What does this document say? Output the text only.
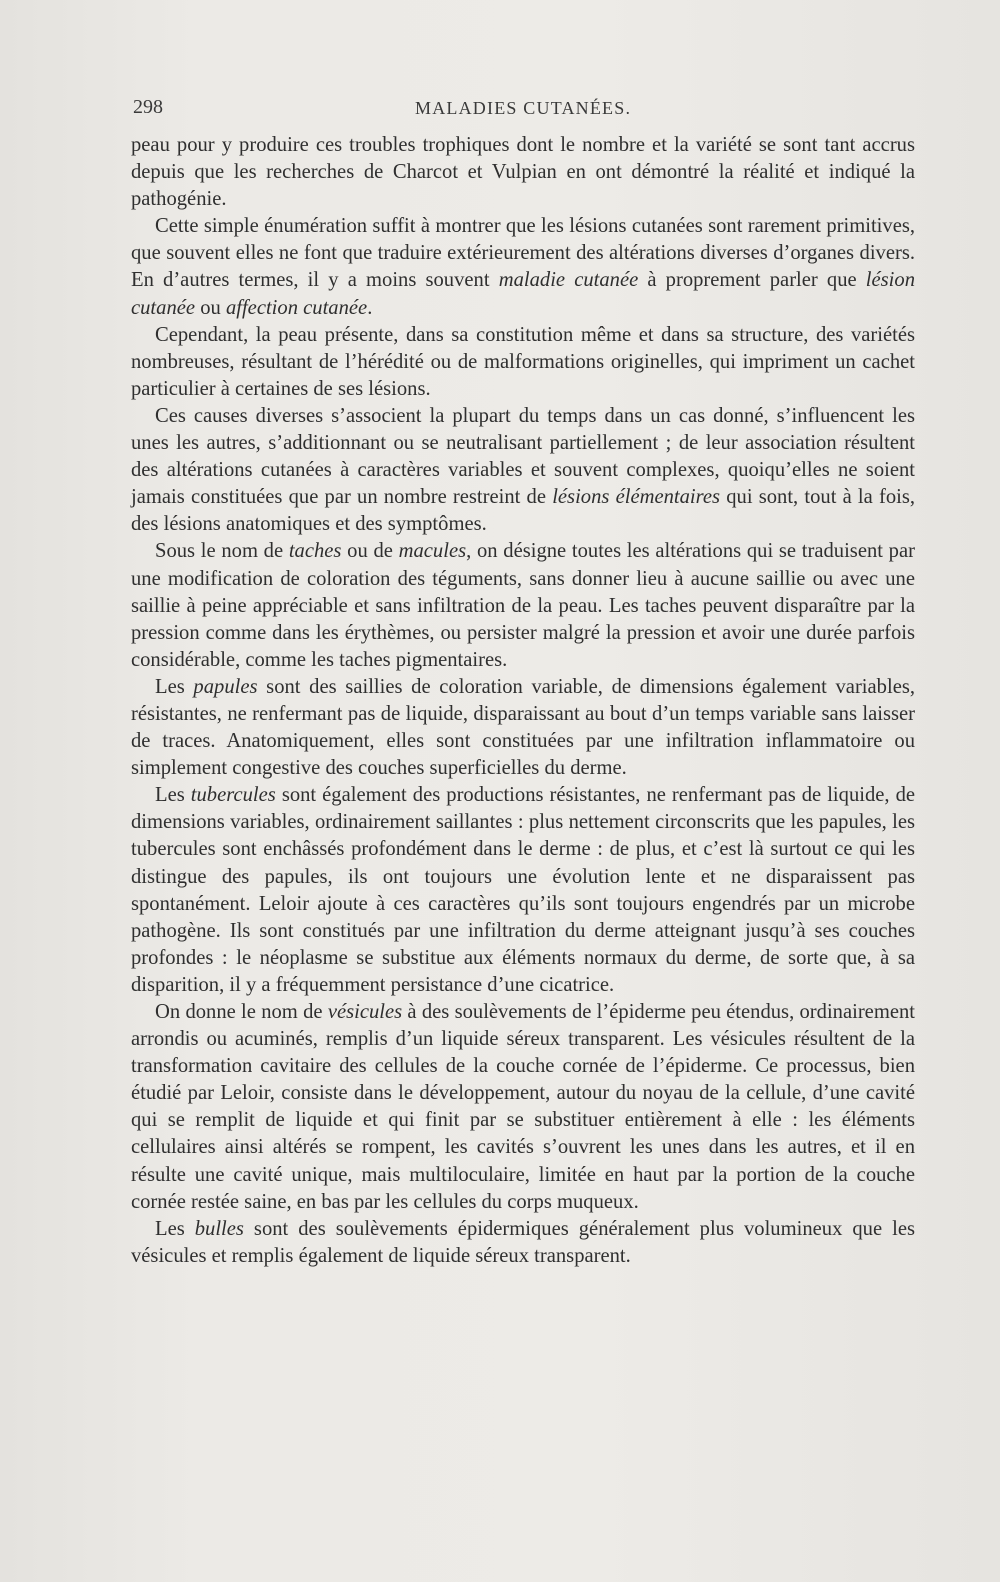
298	MALADIES CUTANÉES.

peau pour y produire ces troubles trophiques dont le nombre et la variété se sont tant accrus depuis que les recherches de Charcot et Vulpian en ont démontré la réalité et indiqué la pathogénie.

Cette simple énumération suffit à montrer que les lésions cutanées sont rarement primitives, que souvent elles ne font que traduire extérieurement des altérations diverses d’organes divers. En d’autres termes, il y a moins souvent maladie cutanée à proprement parler que lésion cutanée ou affection cutanée.

Cependant, la peau présente, dans sa constitution même et dans sa structure, des variétés nombreuses, résultant de l’hérédité ou de malformations originelles, qui impriment un cachet particulier à certaines de ses lésions.

Ces causes diverses s’associent la plupart du temps dans un cas donné, s’influencent les unes les autres, s’additionnant ou se neutralisant partiellement ; de leur association résultent des altérations cutanées à caractères variables et souvent complexes, quoiqu’elles ne soient jamais constituées que par un nombre restreint de lésions élémentaires qui sont, tout à la fois, des lésions anatomiques et des symptômes.

Sous le nom de taches ou de macules, on désigne toutes les altérations qui se traduisent par une modification de coloration des téguments, sans donner lieu à aucune saillie ou avec une saillie à peine appréciable et sans infiltration de la peau. Les taches peuvent disparaître par la pression comme dans les érythèmes, ou persister malgré la pression et avoir une durée parfois considérable, comme les taches pigmentaires.

Les papules sont des saillies de coloration variable, de dimensions également variables, résistantes, ne renfermant pas de liquide, disparaissant au bout d’un temps variable sans laisser de traces. Anatomiquement, elles sont constituées par une infiltration inflammatoire ou simplement congestive des couches superficielles du derme.

Les tubercules sont également des productions résistantes, ne renfermant pas de liquide, de dimensions variables, ordinairement saillantes : plus nettement circonscrits que les papules, les tubercules sont enchâssés profondément dans le derme : de plus, et c’est là surtout ce qui les distingue des papules, ils ont toujours une évolution lente et ne disparaissent pas spontanément. Leloir ajoute à ces caractères qu’ils sont toujours engendrés par un microbe pathogène. Ils sont constitués par une infiltration du derme atteignant jusqu’à ses couches profondes : le néoplasme se substitue aux éléments normaux du derme, de sorte que, à sa disparition, il y a fréquemment persistance d’une cicatrice.

On donne le nom de vésicules à des soulèvements de l’épiderme peu étendus, ordinairement arrondis ou acuminés, remplis d’un liquide séreux transparent. Les vésicules résultent de la transformation cavitaire des cellules de la couche cornée de l’épiderme. Ce processus, bien étudié par Leloir, consiste dans le développement, autour du noyau de la cellule, d’une cavité qui se remplit de liquide et qui finit par se substituer entièrement à elle : les éléments cellulaires ainsi altérés se rompent, les cavités s’ouvrent les unes dans les autres, et il en résulte une cavité unique, mais multiloculaire, limitée en haut par la portion de la couche cornée restée saine, en bas par les cellules du corps muqueux.

Les bulles sont des soulèvements épidermiques généralement plus volumineux que les vésicules et remplis également de liquide séreux transparent.
